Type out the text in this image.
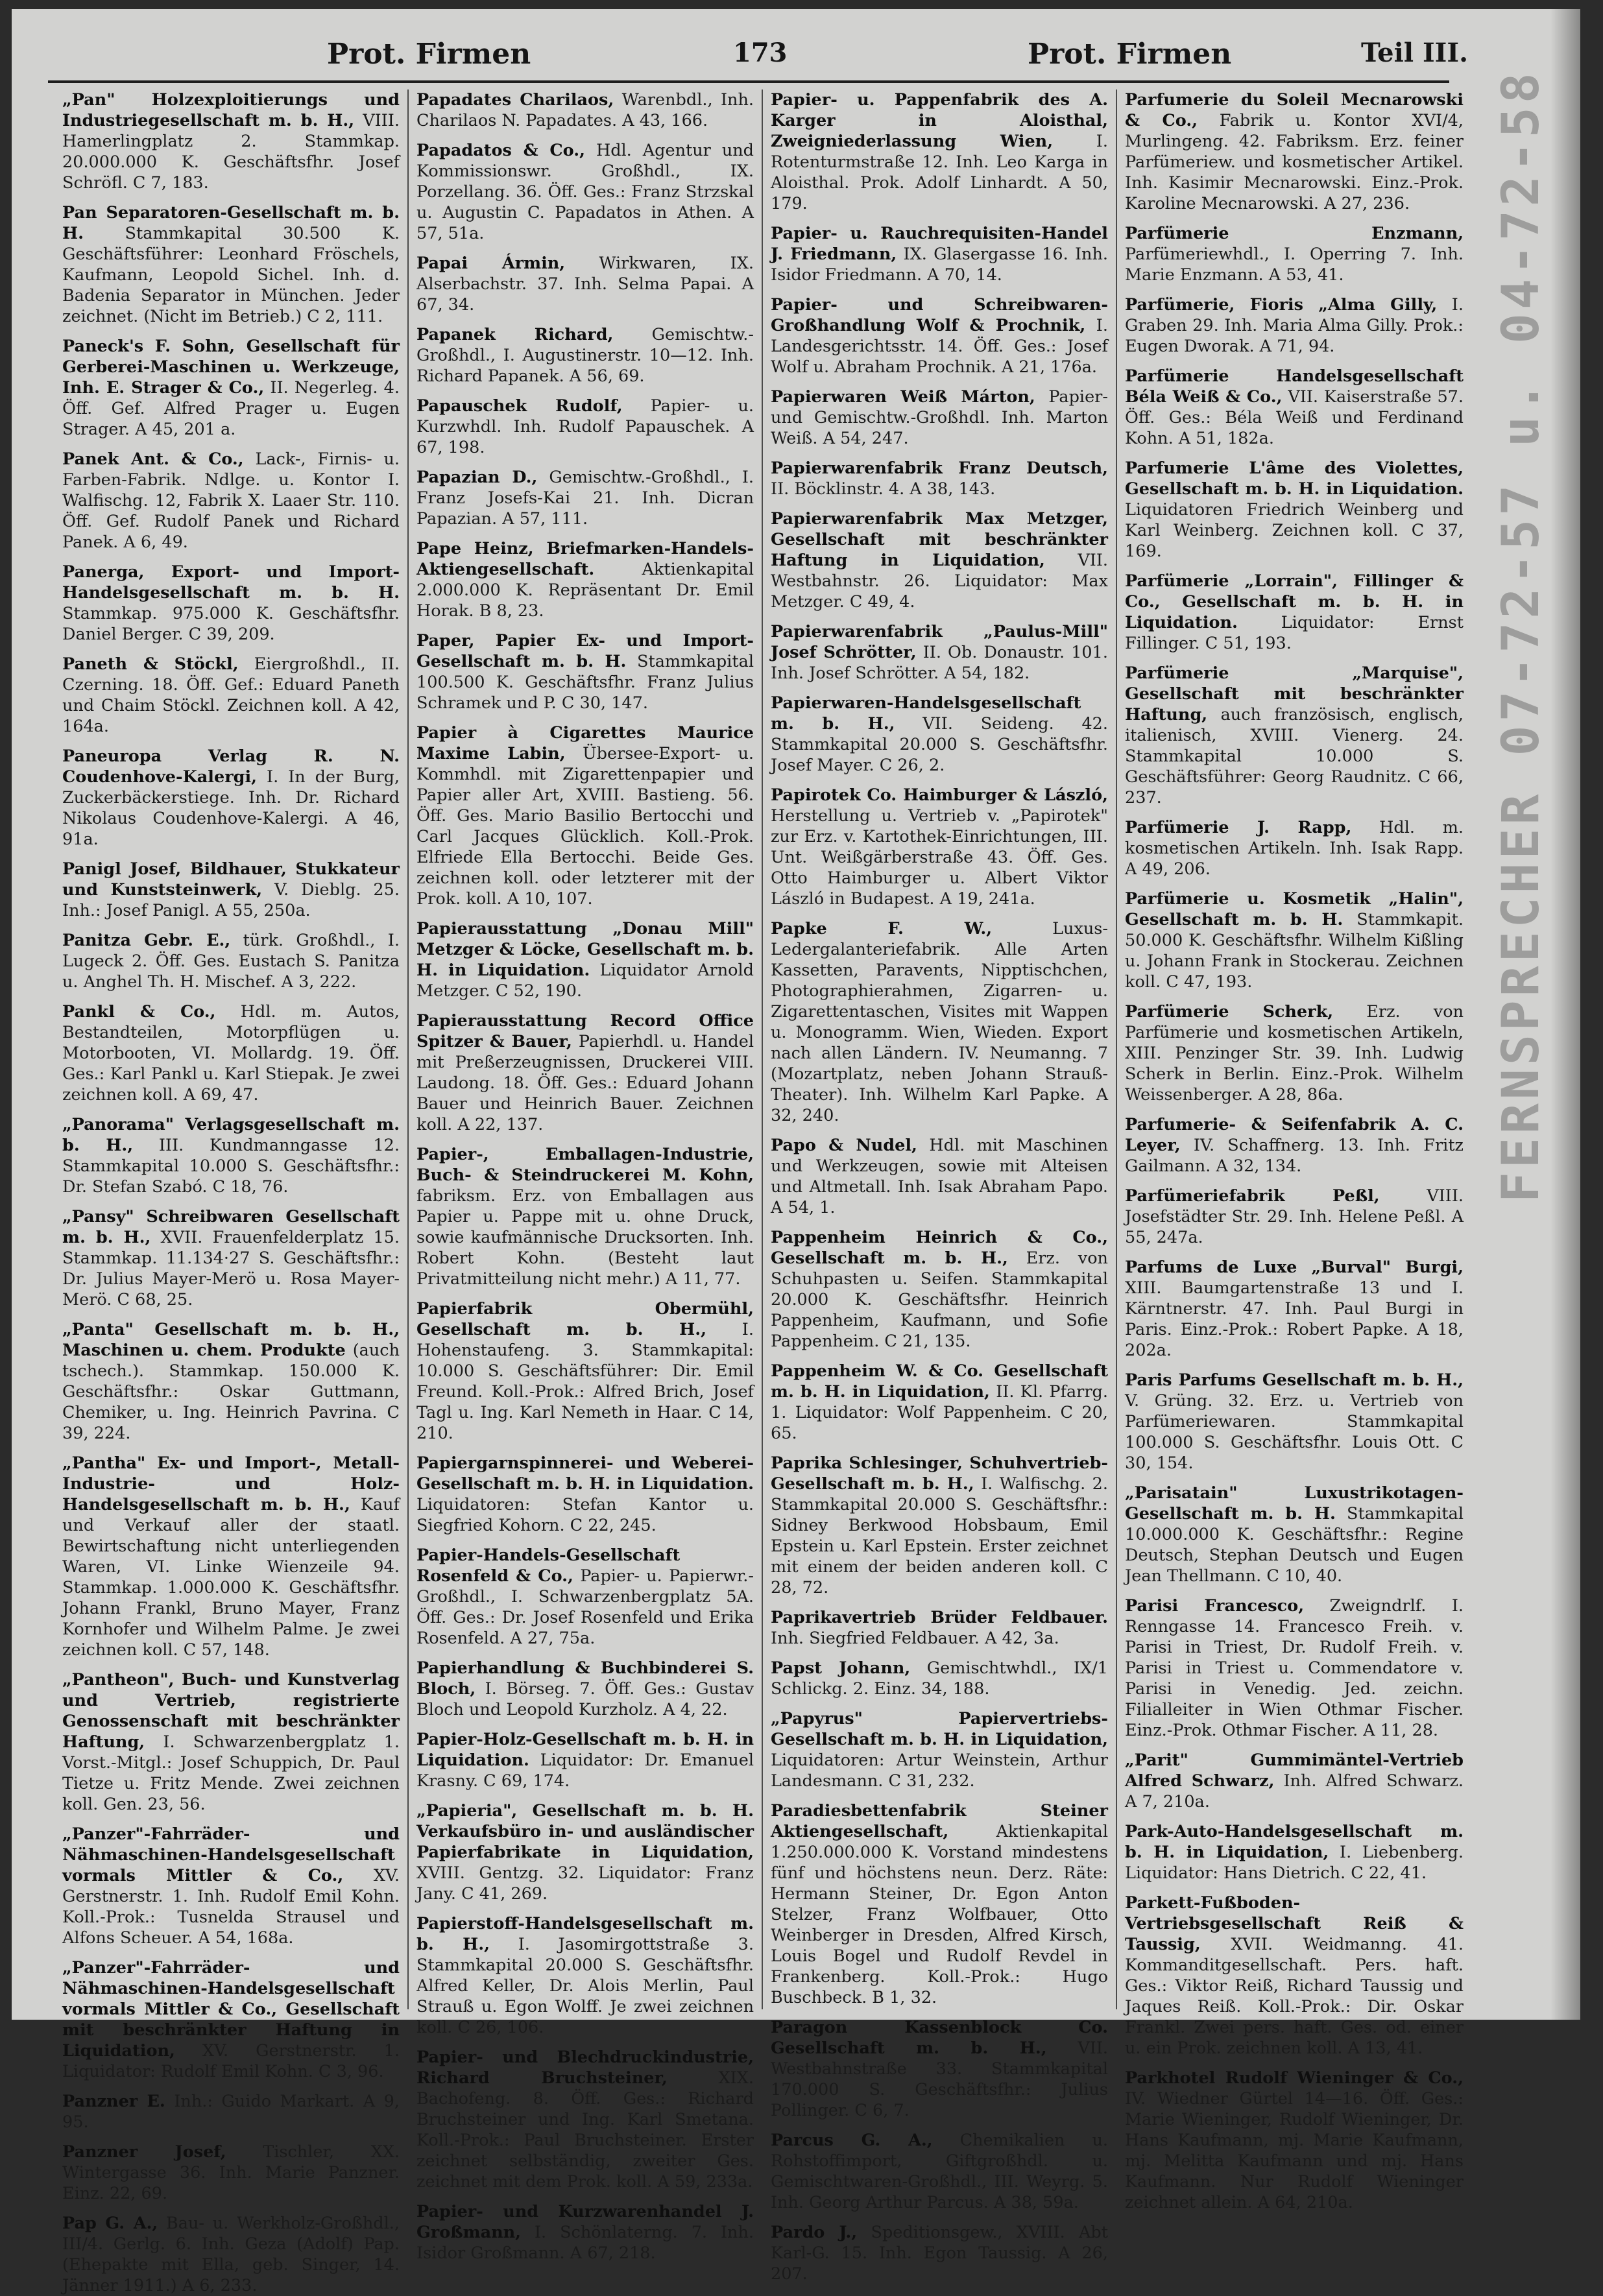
Prot. Firmen	173	Prot. Firmen	Teil III.

„Pan" Holzexploitierungs und Industriegesellschaft m. b. H., VIII. Hamerlingplatz 2. Stammkap. 20.000.000 K. Geschäftsfhr. Josef Schröfl. C 7, 183.

Pan Separatoren-Gesellschaft m. b. H. Stammkapital 30.500 K. Geschäftsführer: Leonhard Fröschels, Kaufmann, Leopold Sichel. Inh. d. Badenia Separator in München. Jeder zeichnet. (Nicht im Betrieb.) C 2, 111.

Paneck's F. Sohn, Gesellschaft für Gerberei-Maschinen u. Werkzeuge, Inh. E. Strager & Co., II. Negerleg. 4. Öff. Gef. Alfred Prager u. Eugen Strager. A 45, 201 a.

Panek Ant. & Co., Lack-, Firnis- u. Farben-Fabrik. Ndlge. u. Kontor I. Walfischg. 12, Fabrik X. Laaer Str. 110. Öff. Gef. Rudolf Panek und Richard Panek. A 6, 49.

Panerga, Export- und Import-Handelsgesellschaft m. b. H. Stammkap. 975.000 K. Geschäftsfhr. Daniel Berger. C 39, 209.

Paneth & Stöckl, Eiergroßhdl., II. Czerning. 18. Öff. Gef.: Eduard Paneth und Chaim Stöckl. Zeichnen koll. A 42, 164a.

Paneuropa Verlag R. N. Coudenhove-Kalergi, I. In der Burg, Zuckerbäckerstiege. Inh. Dr. Richard Nikolaus Coudenhove-Kalergi. A 46, 91a.

Panigl Josef, Bildhauer, Stukkateur und Kunststeinwerk, V. Dieblg. 25. Inh.: Josef Panigl. A 55, 250a.

Panitza Gebr. E., türk. Großhdl., I. Lugeck 2. Öff. Ges. Eustach S. Panitza u. Anghel Th. H. Mischef. A 3, 222.

Pankl & Co., Hdl. m. Autos, Bestandteilen, Motorpflügen u. Motorbooten, VI. Mollardg. 19. Öff. Ges.: Karl Pankl u. Karl Stiepak. Je zwei zeichnen koll. A 69, 47.

„Panorama" Verlagsgesellschaft m. b. H., III. Kundmanngasse 12. Stammkapital 10.000 S. Geschäftsfhr.: Dr. Stefan Szabó. C 18, 76.

„Pansy" Schreibwaren Gesellschaft m. b. H., XVII. Frauenfelderplatz 15. Stammkap. 11.134·27 S. Geschäftsfhr.: Dr. Julius Mayer-Merö u. Rosa Mayer-Merö. C 68, 25.

„Panta" Gesellschaft m. b. H., Maschinen u. chem. Produkte (auch tschech.). Stammkap. 150.000 K. Geschäftsfhr.: Oskar Guttmann, Chemiker, u. Ing. Heinrich Pavrina. C 39, 224.

„Pantha" Ex- und Import-, Metall-Industrie- und Holz-Handelsgesellschaft m. b. H., Kauf und Verkauf aller der staatl. Bewirtschaftung nicht unterliegenden Waren, VI. Linke Wienzeile 94. Stammkap. 1.000.000 K. Geschäftsfhr. Johann Frankl, Bruno Mayer, Franz Kornhofer und Wilhelm Palme. Je zwei zeichnen koll. C 57, 148.

„Pantheon", Buch- und Kunstverlag und Vertrieb, registrierte Genossenschaft mit beschränkter Haftung, I. Schwarzenbergplatz 1. Vorst.-Mitgl.: Josef Schuppich, Dr. Paul Tietze u. Fritz Mende. Zwei zeichnen koll. Gen. 23, 56.

„Panzer"-Fahrräder- und Nähmaschinen-Handelsgesellschaft vormals Mittler & Co., XV. Gerstnerstr. 1. Inh. Rudolf Emil Kohn. Koll.-Prok.: Tusnelda Strausel und Alfons Scheuer. A 54, 168a.

„Panzer"-Fahrräder- und Nähmaschinen-Handelsgesellschaft vormals Mittler & Co., Gesellschaft mit beschränkter Haftung in Liquidation, XV. Gerstnerstr. 1. Liquidator: Rudolf Emil Kohn. C 3, 96.

Panzner E. Inh.: Guido Markart. A 9, 95.

Panzner Josef, Tischler, XX. Wintergasse 36. Inh. Marie Panzner. Einz. 22, 69.

Pap G. A., Bau- u. Werkholz-Großhdl., III/4. Gerlg. 6. Inh. Geza (Adolf) Pap. (Ehepakte mit Ella, geb. Singer, 14. Jänner 1911.) A 6, 233.

Papadates Charilaos, Warenbdl., Inh. Charilaos N. Papadates. A 43, 166.

Papadatos & Co., Hdl. Agentur und Kommissionswr. Großhdl., IX. Porzellang. 36. Öff. Ges.: Franz Strzskal u. Augustin C. Papadatos in Athen. A 57, 51a.

Papai Ármin, Wirkwaren, IX. Alserbachstr. 37. Inh. Selma Papai. A 67, 34.

Papanek Richard, Gemischtw.-Großhdl., I. Augustinerstr. 10—12. Inh. Richard Papanek. A 56, 69.

Papauschek Rudolf, Papier- u. Kurzwhdl. Inh. Rudolf Papauschek. A 67, 198.

Papazian D., Gemischtw.-Großhdl., I. Franz Josefs-Kai 21. Inh. Dicran Papazian. A 57, 111.

Pape Heinz, Briefmarken-Handels-Aktiengesellschaft. Aktienkapital 2.000.000 K. Repräsentant Dr. Emil Horak. B 8, 23.

Paper, Papier Ex- und Import-Gesellschaft m. b. H. Stammkapital 100.500 K. Geschäftsfhr. Franz Julius Schramek und P. C 30, 147.

Papier à Cigarettes Maurice Maxime Labin, Übersee-Export- u. Kommhdl. mit Zigarettenpapier und Papier aller Art, XVIII. Bastieng. 56. Öff. Ges. Mario Basilio Bertocchi und Carl Jacques Glücklich. Koll.-Prok. Elfriede Ella Bertocchi. Beide Ges. zeichnen koll. oder letzterer mit der Prok. koll. A 10, 107.

Papierausstattung „Donau Mill" Metzger & Löcke, Gesellschaft m. b. H. in Liquidation. Liquidator Arnold Metzger. C 52, 190.

Papierausstattung Record Office Spitzer & Bauer, Papierhdl. u. Handel mit Preßerzeugnissen, Druckerei VIII. Laudong. 18. Öff. Ges.: Eduard Johann Bauer und Heinrich Bauer. Zeichnen koll. A 22, 137.

Papier-, Emballagen-Industrie, Buch- & Steindruckerei M. Kohn, fabriksm. Erz. von Emballagen aus Papier u. Pappe mit u. ohne Druck, sowie kaufmännische Drucksorten. Inh. Robert Kohn. (Besteht laut Privatmitteilung nicht mehr.) A 11, 77.

Papierfabrik Obermühl, Gesellschaft m. b. H., I. Hohenstaufeng. 3. Stammkapital: 10.000 S. Geschäftsführer: Dir. Emil Freund. Koll.-Prok.: Alfred Brich, Josef Tagl u. Ing. Karl Nemeth in Haar. C 14, 210.

Papiergarnspinnerei- und Weberei-Gesellschaft m. b. H. in Liquidation. Liquidatoren: Stefan Kantor u. Siegfried Kohorn. C 22, 245.

Papier-Handels-Gesellschaft Rosenfeld & Co., Papier- u. Papierwr.-Großhdl., I. Schwarzenbergplatz 5A. Öff. Ges.: Dr. Josef Rosenfeld und Erika Rosenfeld. A 27, 75a.

Papierhandlung & Buchbinderei S. Bloch, I. Börseg. 7. Öff. Ges.: Gustav Bloch und Leopold Kurzholz. A 4, 22.

Papier-Holz-Gesellschaft m. b. H. in Liquidation. Liquidator: Dr. Emanuel Krasny. C 69, 174.

„Papieria", Gesellschaft m. b. H. Verkaufsbüro in- und ausländischer Papierfabrikate in Liquidation, XVIII. Gentzg. 32. Liquidator: Franz Jany. C 41, 269.

Papierstoff-Handelsgesellschaft m. b. H., I. Jasomirgottstraße 3. Stammkapital 20.000 S. Geschäftsfhr. Alfred Keller, Dr. Alois Merlin, Paul Strauß u. Egon Wolff. Je zwei zeichnen koll. C 26, 106.

Papier- und Blechdruckindustrie, Richard Bruchsteiner, XIX. Bachofeng. 8. Öff. Ges.: Richard Bruchsteiner und Ing. Karl Smetana. Koll.-Prok.: Paul Bruchsteiner. Erster zeichnet selbständig, zweiter Ges. zeichnet mit dem Prok. koll. A 59, 233a.

Papier- und Kurzwarenhandel J. Großmann, I. Schönlaterng. 7. Inh. Isidor Großmann. A 67, 218.

Papier- u. Pappenfabrik des A. Karger in Aloisthal, Zweigniederlassung Wien, I. Rotenturmstraße 12. Inh. Leo Karga in Aloisthal. Prok. Adolf Linhardt. A 50, 179.

Papier- u. Rauchrequisiten-Handel J. Friedmann, IX. Glasergasse 16. Inh. Isidor Friedmann. A 70, 14.

Papier- und Schreibwaren-Großhandlung Wolf & Prochnik, I. Landesgerichtsstr. 14. Öff. Ges.: Josef Wolf u. Abraham Prochnik. A 21, 176a.

Papierwaren Weiß Márton, Papier- und Gemischtw.-Großhdl. Inh. Marton Weiß. A 54, 247.

Papierwarenfabrik Franz Deutsch, II. Böcklinstr. 4. A 38, 143.

Papierwarenfabrik Max Metzger, Gesellschaft mit beschränkter Haftung in Liquidation, VII. Westbahnstr. 26. Liquidator: Max Metzger. C 49, 4.

Papierwarenfabrik „Paulus-Mill" Josef Schrötter, II. Ob. Donaustr. 101. Inh. Josef Schrötter. A 54, 182.

Papierwaren-Handelsgesellschaft m. b. H., VII. Seideng. 42. Stammkapital 20.000 S. Geschäftsfhr. Josef Mayer. C 26, 2.

Papirotek Co. Haimburger & László, Herstellung u. Vertrieb v. „Papirotek" zur Erz. v. Kartothek-Einrichtungen, III. Unt. Weißgärberstraße 43. Öff. Ges. Otto Haimburger u. Albert Viktor László in Budapest. A 19, 241a.

Papke F. W., Luxus-Ledergalanteriefabrik. Alle Arten Kassetten, Paravents, Nipptischchen, Photographierahmen, Zigarren- u. Zigarettentaschen, Visites mit Wappen u. Monogramm. Wien, Wieden. Export nach allen Ländern. IV. Neumanng. 7 (Mozartplatz, neben Johann Strauß-Theater). Inh. Wilhelm Karl Papke. A 32, 240.

Papo & Nudel, Hdl. mit Maschinen und Werkzeugen, sowie mit Alteisen und Altmetall. Inh. Isak Abraham Papo. A 54, 1.

Pappenheim Heinrich & Co., Gesellschaft m. b. H., Erz. von Schuhpasten u. Seifen. Stammkapital 20.000 K. Geschäftsfhr. Heinrich Pappenheim, Kaufmann, und Sofie Pappenheim. C 21, 135.

Pappenheim W. & Co. Gesellschaft m. b. H. in Liquidation, II. Kl. Pfarrg. 1. Liquidator: Wolf Pappenheim. C 20, 65.

Paprika Schlesinger, Schuhvertrieb-Gesellschaft m. b. H., I. Walfischg. 2. Stammkapital 20.000 S. Geschäftsfhr.: Sidney Berkwood Hobsbaum, Emil Epstein u. Karl Epstein. Erster zeichnet mit einem der beiden anderen koll. C 28, 72.

Paprikavertrieb Brüder Feldbauer. Inh. Siegfried Feldbauer. A 42, 3a.

Papst Johann, Gemischtwhdl., IX/1 Schlickg. 2. Einz. 34, 188.

„Papyrus" Papiervertriebs-Gesellschaft m. b. H. in Liquidation, Liquidatoren: Artur Weinstein, Arthur Landesmann. C 31, 232.

Paradiesbettenfabrik Steiner Aktiengesellschaft, Aktienkapital 1.250.000.000 K. Vorstand mindestens fünf und höchstens neun. Derz. Räte: Hermann Steiner, Dr. Egon Anton Stelzer, Franz Wolfbauer, Otto Weinberger in Dresden, Alfred Kirsch, Louis Bogel und Rudolf Revdel in Frankenberg. Koll.-Prok.: Hugo Buschbeck. B 1, 32.

Paragon Kassenblock Co. Gesellschaft m. b. H., VII. Westbahnstraße 33. Stammkapital 170.000 S. Geschäftsfhr.: Julius Pollinger. C 6, 7.

Parcus G. A., Chemikalien u. Rohstoffimport, Giftgroßhdl. u. Gemischtwaren-Großhdl., III. Weyrg. 5. Inh. Georg Arthur Parcus. A 38, 59a.

Pardo J., Speditionsgew., XVIII. Abt Karl-G. 15. Inh. Egon Taussig. A 26, 207.

Parfumerie du Soleil Mecnarowski & Co., Fabrik u. Kontor XVI/4, Murlingeng. 42. Fabriksm. Erz. feiner Parfümeriew. und kosmetischer Artikel. Inh. Kasimir Mecnarowski. Einz.-Prok. Karoline Mecnarowski. A 27, 236.

Parfümerie Enzmann, Parfümeriewhdl., I. Operring 7. Inh. Marie Enzmann. A 53, 41.

Parfümerie, Fioris „Alma Gilly, I. Graben 29. Inh. Maria Alma Gilly. Prok.: Eugen Dworak. A 71, 94.

Parfümerie Handelsgesellschaft Béla Weiß & Co., VII. Kaiserstraße 57. Öff. Ges.: Béla Weiß und Ferdinand Kohn. A 51, 182a.

Parfumerie L'âme des Violettes, Gesellschaft m. b. H. in Liquidation. Liquidatoren Friedrich Weinberg und Karl Weinberg. Zeichnen koll. C 37, 169.

Parfümerie „Lorrain", Fillinger & Co., Gesellschaft m. b. H. in Liquidation. Liquidator: Ernst Fillinger. C 51, 193.

Parfümerie „Marquise", Gesellschaft mit beschränkter Haftung, auch französisch, englisch, italienisch, XVIII. Vienerg. 24. Stammkapital 10.000 S. Geschäftsführer: Georg Raudnitz. C 66, 237.

Parfümerie J. Rapp, Hdl. m. kosmetischen Artikeln. Inh. Isak Rapp. A 49, 206.

Parfümerie u. Kosmetik „Halin", Gesellschaft m. b. H. Stammkapit. 50.000 K. Geschäftsfhr. Wilhelm Kißling u. Johann Frank in Stockerau. Zeichnen koll. C 47, 193.

Parfümerie Scherk, Erz. von Parfümerie und kosmetischen Artikeln, XIII. Penzinger Str. 39. Inh. Ludwig Scherk in Berlin. Einz.-Prok. Wilhelm Weissenberger. A 28, 86a.

Parfumerie- & Seifenfabrik A. C. Leyer, IV. Schaffnerg. 13. Inh. Fritz Gailmann. A 32, 134.

Parfümeriefabrik Peßl, VIII. Josefstädter Str. 29. Inh. Helene Peßl. A 55, 247a.

Parfums de Luxe „Burval" Burgi, XIII. Baumgartenstraße 13 und I. Kärntnerstr. 47. Inh. Paul Burgi in Paris. Einz.-Prok.: Robert Papke. A 18, 202a.

Paris Parfums Gesellschaft m. b. H., V. Grüng. 32. Erz. u. Vertrieb von Parfümeriewaren. Stammkapital 100.000 S. Geschäftsfhr. Louis Ott. C 30, 154.

„Parisatain" Luxustrikotagen-Gesellschaft m. b. H. Stammkapital 10.000.000 K. Geschäftsfhr.: Regine Deutsch, Stephan Deutsch und Eugen Jean Thellmann. C 10, 40.

Parisi Francesco, Zweigndrlf. I. Renngasse 14. Francesco Freih. v. Parisi in Triest, Dr. Rudolf Freih. v. Parisi in Triest u. Commendatore v. Parisi in Venedig. Jed. zeichn. Filialleiter in Wien Othmar Fischer. Einz.-Prok. Othmar Fischer. A 11, 28.

„Parit" Gummimäntel-Vertrieb Alfred Schwarz, Inh. Alfred Schwarz. A 7, 210a.

Park-Auto-Handelsgesellschaft m. b. H. in Liquidation, I. Liebenberg. Liquidator: Hans Dietrich. C 22, 41.

Parkett-Fußboden-Vertriebsgesellschaft Reiß & Taussig, XVII. Weidmanng. 41. Kommanditgesellschaft. Pers. haft. Ges.: Viktor Reiß, Richard Taussig und Jaques Reiß. Koll.-Prok.: Dir. Oskar Frankl. Zwei pers. haft. Ges. od. einer u. ein Prok. zeichnen koll. A 13, 41.

Parkhotel Rudolf Wieninger & Co., IV. Wiedner Gürtel 14—16. Öff. Ges.: Marie Wieninger, Rudolf Wieninger, Dr. Hans Kaufmann, mj. Marie Kaufmann, mj. Melitta Kaufmann und mj. Hans Kaufmann. Nur Rudolf Wieninger zeichnet allein. A 64, 210a.

FERNSPRECHER 07-72-57 u. 04-72-58
